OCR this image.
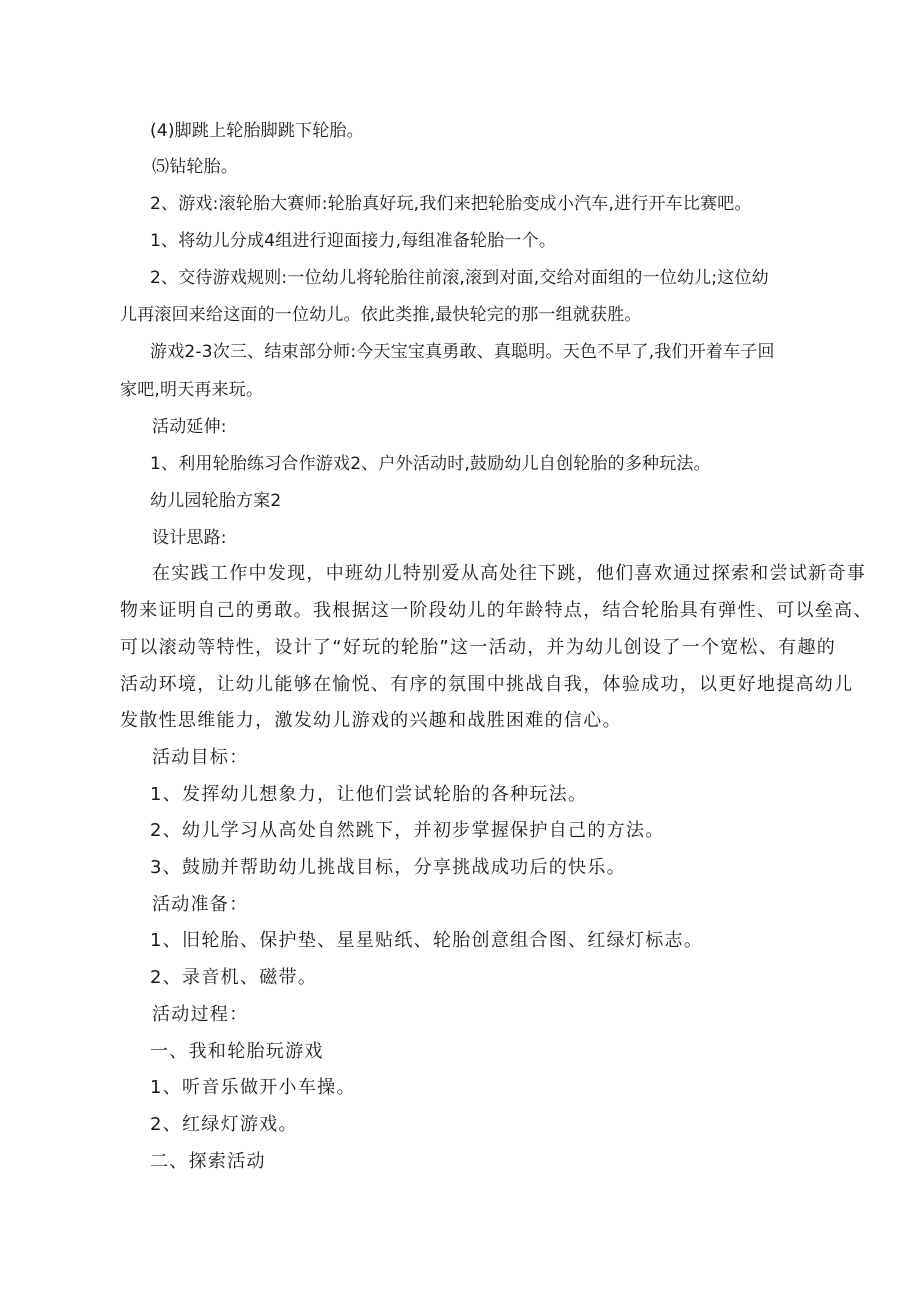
(4)脚跳上轮胎脚跳下轮胎。
⑸钻轮胎。
2、游戏:滚轮胎大赛师:轮胎真好玩,我们来把轮胎变成小汽车,进行开车比赛吧。
1、将幼儿分成4组进行迎面接力,每组准备轮胎一个。
2、交待游戏规则:一位幼儿将轮胎往前滚,滚到对面,交给对面组的一位幼儿;这位幼
儿再滚回来给这面的一位幼儿。依此类推,最快轮完的那一组就获胜。
游戏2-3次三、结束部分师:今天宝宝真勇敢、真聪明。天色不早了,我们开着车子回
家吧,明天再来玩。
活动延伸:
1、利用轮胎练习合作游戏2、户外活动时,鼓励幼儿自创轮胎的多种玩法。
幼儿园轮胎方案2
设计思路:
在实践工作中发现，中班幼儿特别爱从高处往下跳，他们喜欢通过探索和尝试新奇事
物来证明自己的勇敢。我根据这一阶段幼儿的年龄特点，结合轮胎具有弹性、可以垒高、
可以滚动等特性，设计了“好玩的轮胎”这一活动，并为幼儿创设了一个宽松、有趣的
活动环境，让幼儿能够在愉悦、有序的氛围中挑战自我，体验成功，以更好地提高幼儿
发散性思维能力，激发幼儿游戏的兴趣和战胜困难的信心。
活动目标：
1、发挥幼儿想象力，让他们尝试轮胎的各种玩法。
2、幼儿学习从高处自然跳下，并初步掌握保护自己的方法。
3、鼓励并帮助幼儿挑战目标，分享挑战成功后的快乐。
活动准备：
1、旧轮胎、保护垫、星星贴纸、轮胎创意组合图、红绿灯标志。
2、录音机、磁带。
活动过程：
一、我和轮胎玩游戏
1、听音乐做开小车操。
2、红绿灯游戏。
二、探索活动
